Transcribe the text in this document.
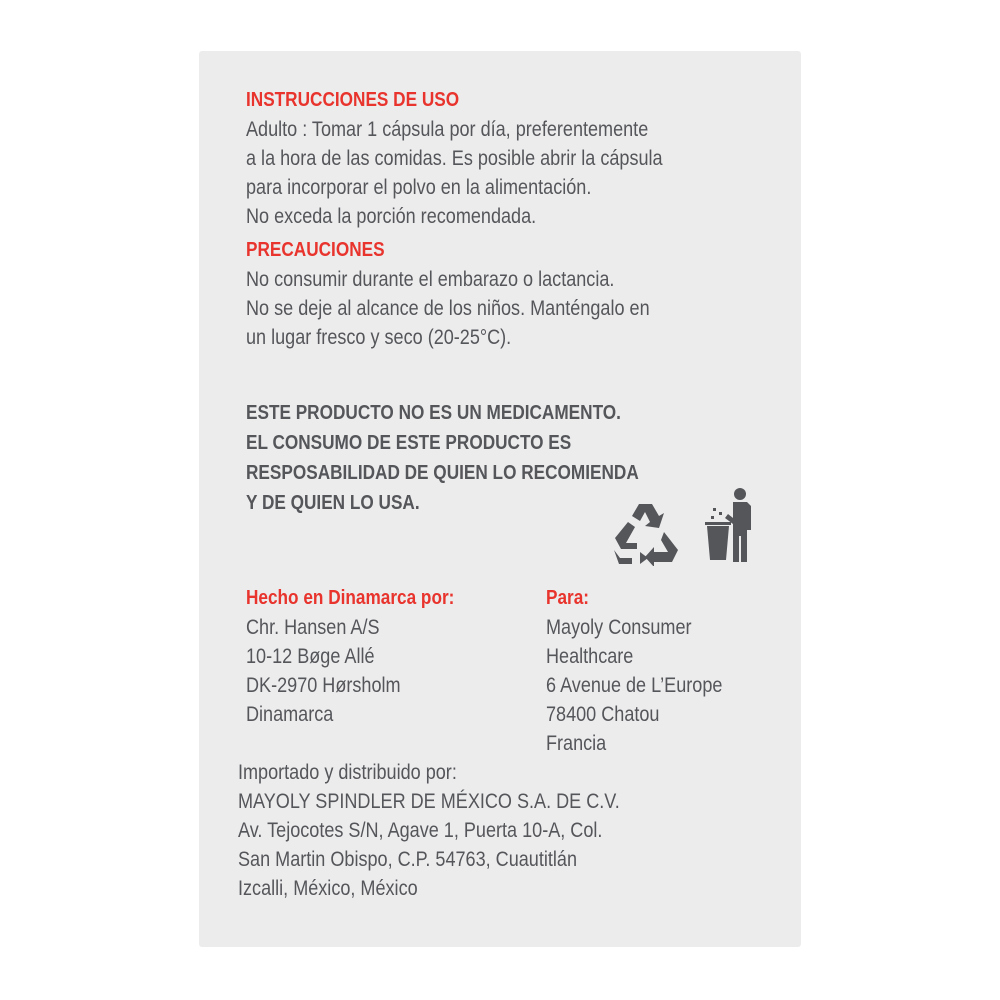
INSTRUCCIONES DE USO
Adulto : Tomar 1 cápsula por día, preferentemente
a la hora de las comidas. Es posible abrir la cápsula
para incorporar el polvo en la alimentación.
No exceda la porción recomendada.
PRECAUCIONES
No consumir durante el embarazo o lactancia.
No se deje al alcance de los niños. Manténgalo en
un lugar fresco y seco (20-25°C).
ESTE PRODUCTO NO ES UN MEDICAMENTO.
EL CONSUMO DE ESTE PRODUCTO ES
RESPOSABILIDAD DE QUIEN LO RECOMIENDA
Y DE QUIEN LO USA.
Hecho en Dinamarca por:
Chr. Hansen A/S
10-12 Bøge Allé
DK-2970 Hørsholm
Dinamarca
Para:
Mayoly Consumer
Healthcare
6 Avenue de L’Europe
78400 Chatou
Francia
Importado y distribuido por:
MAYOLY SPINDLER DE MÉXICO S.A. DE C.V.
Av. Tejocotes S/N, Agave 1, Puerta 10-A, Col.
San Martin Obispo, C.P. 54763, Cuautitlán
Izcalli, México, México
